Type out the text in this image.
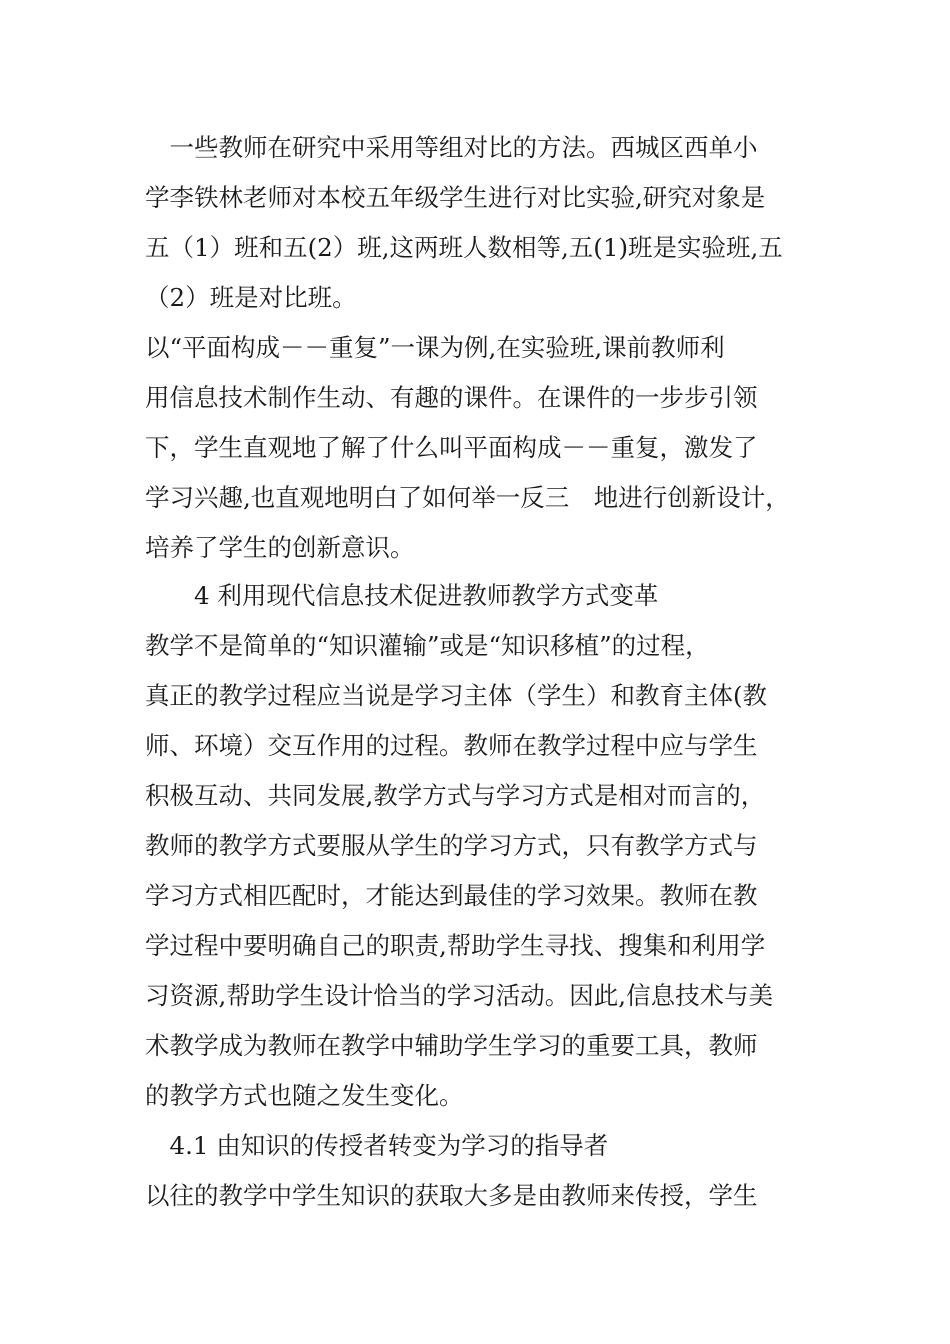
　一些教师在研究中采用等组对比的方法。西城区西单小
学李铁林老师对本校五年级学生进行对比实验,研究对象是
五（1）班和五(2）班,这两班人数相等,五(1)班是实验班,五
（2）班是对比班。
以“平面构成－－重复”一课为例,在实验班,课前教师利
用信息技术制作生动、有趣的课件。在课件的一步步引领
下，学生直观地了解了什么叫平面构成－－重复，激发了
学习兴趣,也直观地明白了如何举一反三　地进行创新设计，
培养了学生的创新意识。
　　4 利用现代信息技术促进教师教学方式变革
教学不是简单的“知识灌输”或是“知识移植”的过程，
真正的教学过程应当说是学习主体（学生）和教育主体(教
师、环境）交互作用的过程。教师在教学过程中应与学生
积极互动、共同发展,教学方式与学习方式是相对而言的，
教师的教学方式要服从学生的学习方式，只有教学方式与
学习方式相匹配时，才能达到最佳的学习效果。教师在教
学过程中要明确自己的职责,帮助学生寻找、搜集和利用学
习资源,帮助学生设计恰当的学习活动。因此,信息技术与美
术教学成为教师在教学中辅助学生学习的重要工具，教师
的教学方式也随之发生变化。
　4.1 由知识的传授者转变为学习的指导者
以往的教学中学生知识的获取大多是由教师来传授，学生
